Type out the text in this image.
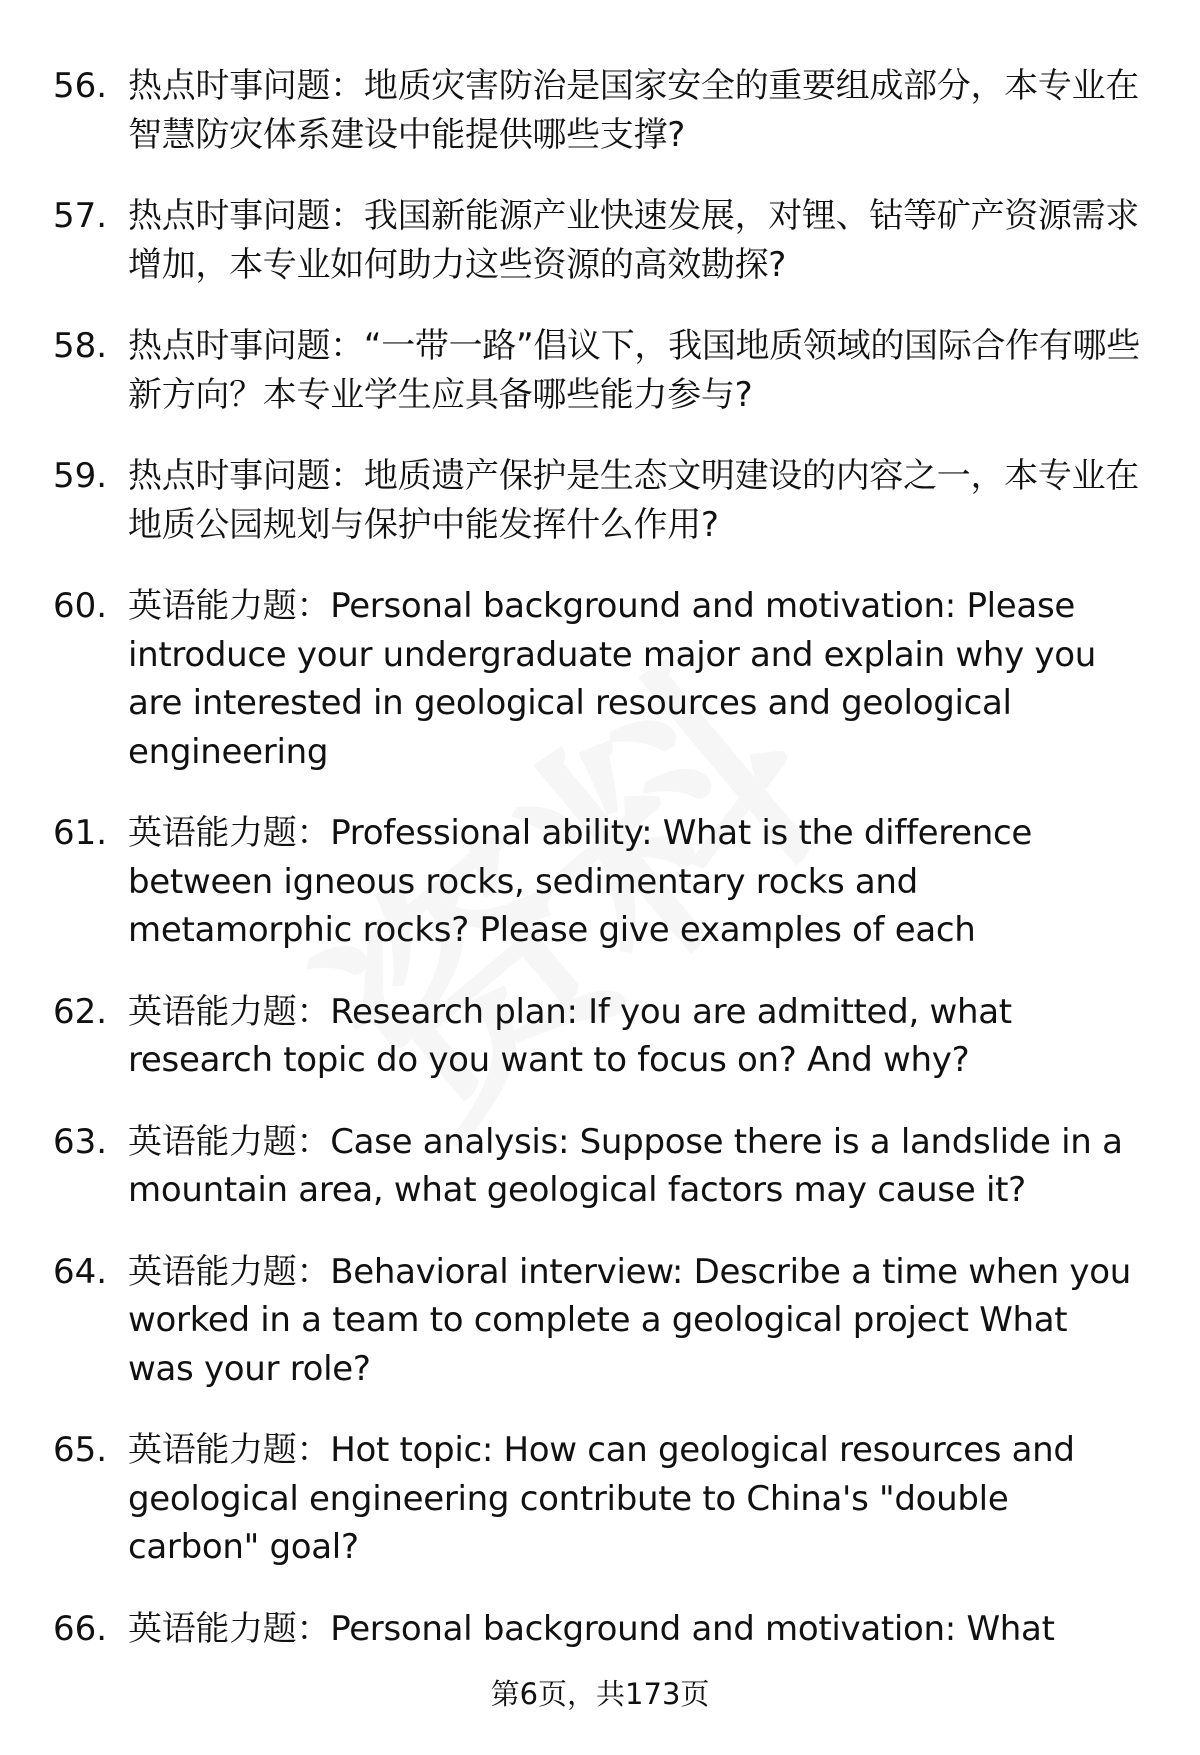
56. 热点时事问题：地质灾害防治是国家安全的重要组成部分，本专业在智慧防灾体系建设中能提供哪些支撑?
57. 热点时事问题：我国新能源产业快速发展，对锂、钴等矿产资源需求增加，本专业如何助力这些资源的高效勘探?
58. 热点时事问题：“一带一路”倡议下，我国地质领域的国际合作有哪些新方向？本专业学生应具备哪些能力参与?
59. 热点时事问题：地质遗产保护是生态文明建设的内容之一，本专业在地质公园规划与保护中能发挥什么作用?
60. 英语能力题：Personal background and motivation: Please introduce your undergraduate major and explain why you are interested in geological resources and geological engineering
61. 英语能力题：Professional ability: What is the difference between igneous rocks, sedimentary rocks and metamorphic rocks? Please give examples of each
62. 英语能力题：Research plan: If you are admitted, what research topic do you want to focus on? And why?
63. 英语能力题：Case analysis: Suppose there is a landslide in a mountain area, what geological factors may cause it?
64. 英语能力题：Behavioral interview: Describe a time when you worked in a team to complete a geological project What was your role?
65. 英语能力题：Hot topic: How can geological resources and geological engineering contribute to China's "double carbon" goal?
66. 英语能力题：Personal background and motivation: What
第6页，共173页
